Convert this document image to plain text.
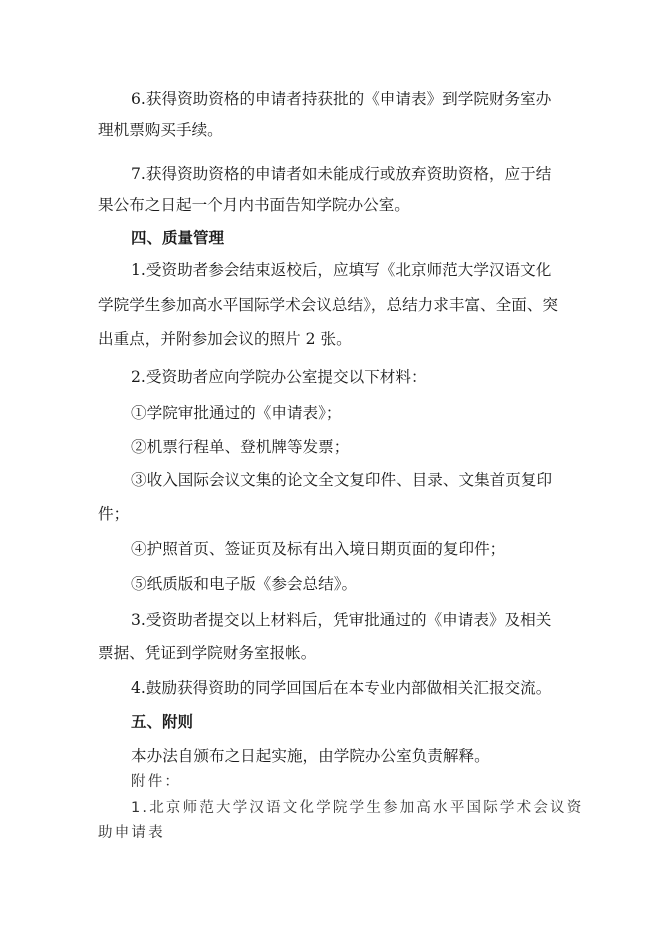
6.获得资助资格的申请者持获批的《申请表》到学院财务室办
理机票购买手续。
7.获得资助资格的申请者如未能成行或放弃资助资格，应于结
果公布之日起一个月内书面告知学院办公室。
四、质量管理
1.受资助者参会结束返校后，应填写《北京师范大学汉语文化
学院学生参加高水平国际学术会议总结》，总结力求丰富、全面、突
出重点，并附参加会议的照片 2 张。
2.受资助者应向学院办公室提交以下材料：
①学院审批通过的《申请表》；
②机票行程单、登机牌等发票；
③收入国际会议文集的论文全文复印件、目录、文集首页复印
件；
④护照首页、签证页及标有出入境日期页面的复印件；
⑤纸质版和电子版《参会总结》。
3.受资助者提交以上材料后，凭审批通过的《申请表》及相关
票据、凭证到学院财务室报帐。
4.鼓励获得资助的同学回国后在本专业内部做相关汇报交流。
五、附则
本办法自颁布之日起实施，由学院办公室负责解释。
附件：
1.北京师范大学汉语文化学院学生参加高水平国际学术会议资
助申请表
